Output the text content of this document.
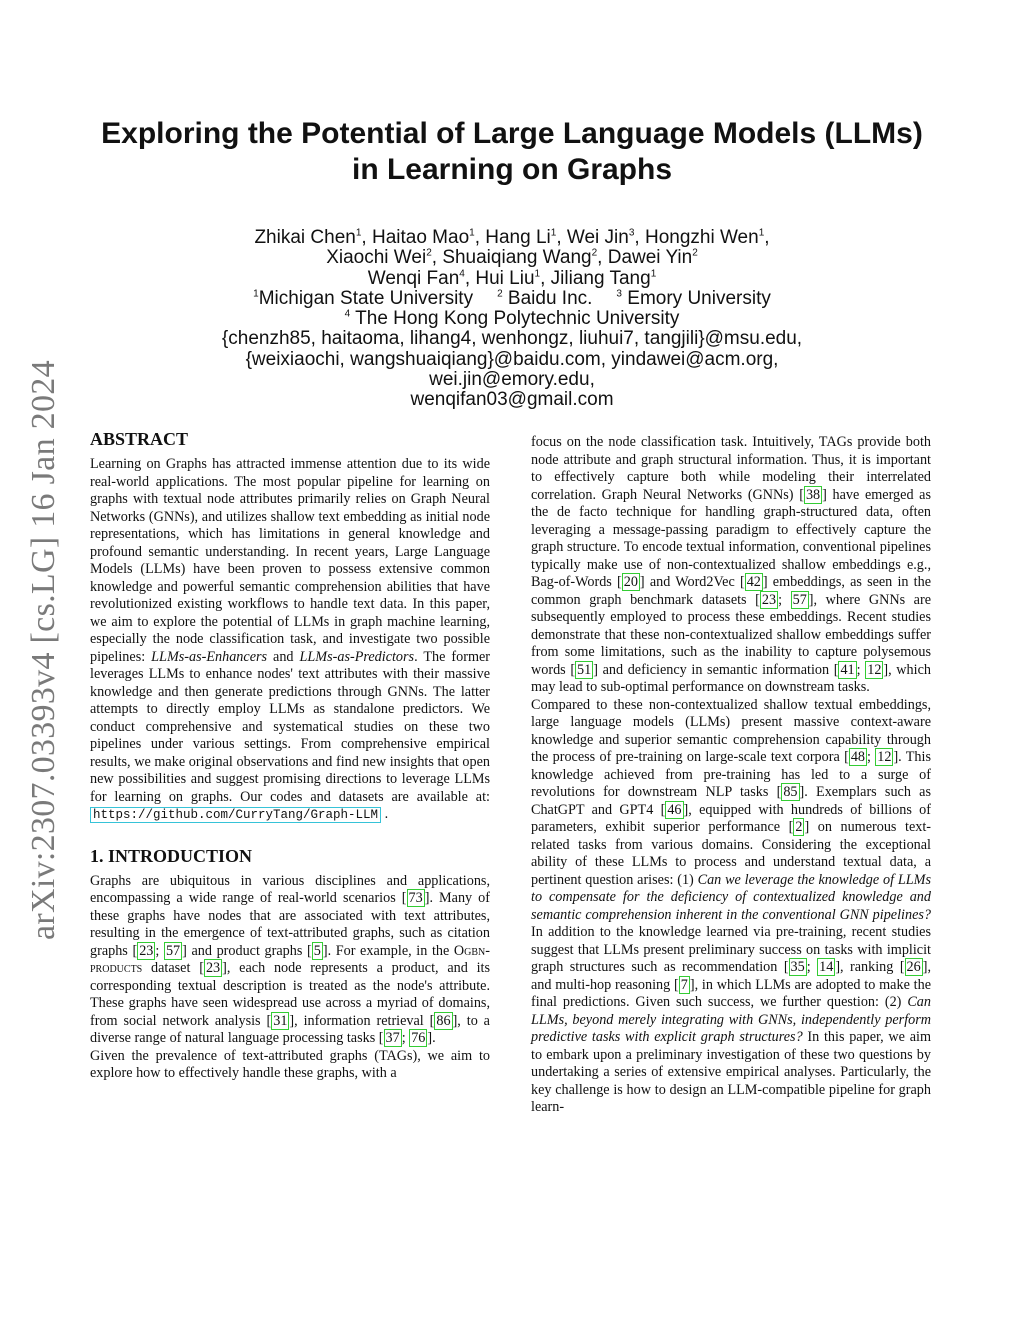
arXiv:2307.03393v4 [cs.LG] 16 Jan 2024
Exploring the Potential of Large Language Models (LLMs)
in Learning on Graphs
Zhikai Chen$^1$, Haitao Mao$^1$, Hang Li$^1$, Wei Jin$^3$, Hongzhi Wen$^1$,
Xiaochi Wei$^2$, Shuaiqiang Wang$^2$, Dawei Yin$^2$
Wenqi Fan$^4$, Hui Liu$^1$, Jiliang Tang$^1$
$^1$Michigan State University $^2$ Baidu Inc. $^3$ Emory University
$^4$ The Hong Kong Polytechnic University
{chenzh85, haitaoma, lihang4, wenhongz, liuhui7, tangjili}@msu.edu,
{weixiaochi, wangshuaiqiang}@baidu.com, yindawei@acm.org,
wei.jin@emory.edu,
wenqifan03@gmail.com
ABSTRACT

Learning on Graphs has attracted immense attention due to its wide real-world applications. The most popular pipeline for learning on graphs with textual node attributes primarily relies on Graph Neural Networks (GNNs), and utilizes shallow text embedding as initial node representations, which has limitations in general knowledge and profound semantic understanding. In recent years, Large Language Models (LLMs) have been proven to possess extensive common knowledge and powerful semantic comprehension abilities that have revolutionized existing workflows to handle text data. In this paper, we aim to explore the potential of LLMs in graph machine learning, especially the node classification task, and investigate two possible pipelines: LLMs-as-Enhancers and LLMs-as-Predictors. The former leverages LLMs to enhance nodes' text attributes with their massive knowledge and then generate predictions through GNNs. The latter attempts to directly employ LLMs as standalone predictors. We conduct comprehensive and systematical studies on these two pipelines under various settings. From comprehensive empirical results, we make original observations and find new insights that open new possibilities and suggest promising directions to leverage LLMs for learning on graphs. Our codes and datasets are available at: https://github.com/CurryTang/Graph-LLM .

1. INTRODUCTION

Graphs are ubiquitous in various disciplines and applications, encompassing a wide range of real-world scenarios [ 73 ]. Many of these graphs have nodes that are associated with text attributes, resulting in the emergence of text-attributed graphs, such as citation graphs [ 23 ; 57 ] and product graphs [ 5 ]. For example, in the Ogbn-products dataset [ 23 ], each node represents a product, and its corresponding textual description is treated as the node's attribute. These graphs have seen widespread use across a myriad of domains, from social network analysis [ 31 ], information retrieval [ 86 ], to a diverse range of natural language processing tasks [ 37 ; 76 ].

Given the prevalence of text-attributed graphs (TAGs), we aim to explore how to effectively handle these graphs, with a

focus on the node classification task. Intuitively, TAGs provide both node attribute and graph structural information. Thus, it is important to effectively capture both while modeling their interrelated correlation. Graph Neural Networks (GNNs) [ 38 ] have emerged as the de facto technique for handling graph-structured data, often leveraging a message-passing paradigm to effectively capture the graph structure. To encode textual information, conventional pipelines typically make use of non-contextualized shallow embeddings e.g., Bag-of-Words [ 20 ] and Word2Vec [ 42 ] embeddings, as seen in the common graph benchmark datasets [ 23 ; 57 ], where GNNs are subsequently employed to process these embeddings. Recent studies demonstrate that these non-contextualized shallow embeddings suffer from some limitations, such as the inability to capture polysemous words [ 51 ] and deficiency in semantic information [ 41 ; 12 ], which may lead to sub-optimal performance on downstream tasks.

Compared to these non-contextualized shallow textual embeddings, large language models (LLMs) present massive context-aware knowledge and superior semantic comprehension capability through the process of pre-training on large-scale text corpora [ 48 ; 12 ]. This knowledge achieved from pre-training has led to a surge of revolutions for downstream NLP tasks [ 85 ]. Exemplars such as ChatGPT and GPT4 [ 46 ], equipped with hundreds of billions of parameters, exhibit superior performance [ 2 ] on numerous text-related tasks from various domains. Considering the exceptional ability of these LLMs to process and understand textual data, a pertinent question arises: (1) Can we leverage the knowledge of LLMs to compensate for the deficiency of contextualized knowledge and semantic comprehension inherent in the conventional GNN pipelines? In addition to the knowledge learned via pre-training, recent studies suggest that LLMs present preliminary success on tasks with implicit graph structures such as recommendation [ 35 ; 14 ], ranking [ 26 ], and multi-hop reasoning [ 7 ], in which LLMs are adopted to make the final predictions. Given such success, we further question: (2) Can LLMs, beyond merely integrating with GNNs, independently perform predictive tasks with explicit graph structures? In this paper, we aim to embark upon a preliminary investigation of these two questions by undertaking a series of extensive empirical analyses. Particularly, the key challenge is how to design an LLM-compatible pipeline for graph learn-
